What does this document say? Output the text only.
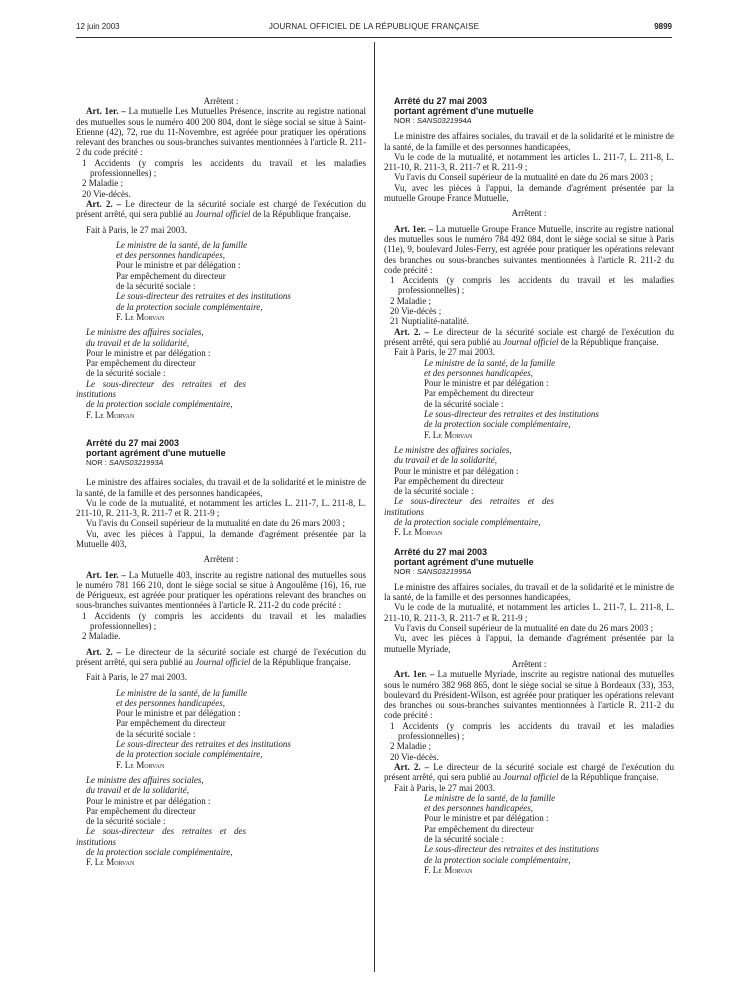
12 juin 2003	JOURNAL OFFICIEL DE LA RÉPUBLIQUE FRANÇAISE	9899

Arrêtent :

Art. 1er. – La mutuelle Les Mutuelles Présence, inscrite au registre national des mutuelles sous le numéro 400 200 804, dont le siège social se situe à Saint-Etienne (42), 72, rue du 11-Novembre, est agréée pour pratiquer les opérations relevant des branches ou sous-branches suivantes mentionnées à l'article R. 211-2 du code précité :

1 Accidents (y compris les accidents du travail et les maladies professionnelles) ;

2 Maladie ;

20 Vie-décès.

Art. 2. – Le directeur de la sécurité sociale est chargé de l'exécution du présent arrêté, qui sera publié au Journal officiel de la République française.

Fait à Paris, le 27 mai 2003.

Le ministre de la santé, de la famille

et des personnes handicapées,

Pour le ministre et par délégation :

Par empêchement du directeur

de la sécurité sociale :

Le sous-directeur des retraites et des institutions

de la protection sociale complémentaire,

F. Le Morvan

Le ministre des affaires sociales,

du travail et de la solidarité,

Pour le ministre et par délégation :

Par empêchement du directeur

de la sécurité sociale :

Le sous-directeur des retraites et des institutions

de la protection sociale complémentaire,

F. Le Morvan

Arrêté du 27 mai 2003

portant agrément d'une mutuelle

NOR : SANS0321993A

Le ministre des affaires sociales, du travail et de la solidarité et le ministre de la santé, de la famille et des personnes handicapées,

Vu le code de la mutualité, et notamment les articles L. 211-7, L. 211-8, L. 211-10, R. 211-3, R. 211-7 et R. 211-9 ;

Vu l'avis du Conseil supérieur de la mutualité en date du 26 mars 2003 ;

Vu, avec les pièces à l'appui, la demande d'agrément présentée par la Mutuelle 403,

Arrêtent :

Art. 1er. – La Mutuelle 403, inscrite au registre national des mutuelles sous le numéro 781 166 210, dont le siège social se situe à Angoulême (16), 16, rue de Périgueux, est agréée pour pratiquer les opérations relevant des branches ou sous-branches suivantes mentionnées à l'article R. 211-2 du code précité :

1 Accidents (y compris les accidents du travail et les maladies professionnelles) ;

2 Maladie.

Art. 2. – Le directeur de la sécurité sociale est chargé de l'exécution du présent arrêté, qui sera publié au Journal officiel de la République française.

Fait à Paris, le 27 mai 2003.

Le ministre de la santé, de la famille

et des personnes handicapées,

Pour le ministre et par délégation :

Par empêchement du directeur

de la sécurité sociale :

Le sous-directeur des retraites et des institutions

de la protection sociale complémentaire,

F. Le Morvan

Le ministre des affaires sociales,

du travail et de la solidarité,

Pour le ministre et par délégation :

Par empêchement du directeur

de la sécurité sociale :

Le sous-directeur des retraites et des institutions

de la protection sociale complémentaire,

F. Le Morvan

Arrêté du 27 mai 2003

portant agrément d'une mutuelle

NOR : SANS0321994A

Le ministre des affaires sociales, du travail et de la solidarité et le ministre de la santé, de la famille et des personnes handicapées,

Vu le code de la mutualité, et notamment les articles L. 211-7, L. 211-8, L. 211-10, R. 211-3, R. 211-7 et R. 211-9 ;

Vu l'avis du Conseil supérieur de la mutualité en date du 26 mars 2003 ;

Vu, avec les pièces à l'appui, la demande d'agrément présentée par la mutuelle Groupe France Mutuelle,

Arrêtent :

Art. 1er. – La mutuelle Groupe France Mutuelle, inscrite au registre national des mutuelles sous le numéro 784 492 084, dont le siège social se situe à Paris (11e), 9, boulevard Jules-Ferry, est agréée pour pratiquer les opérations relevant des branches ou sous-branches suivantes mentionnées à l'article R. 211-2 du code précité :

1 Accidents (y compris les accidents du travail et les maladies professionnelles) ;

2 Maladie ;

20 Vie-décès ;

21 Nuptialité-natalité.

Art. 2. – Le directeur de la sécurité sociale est chargé de l'exécution du présent arrêté, qui sera publié au Journal officiel de la République française.

Fait à Paris, le 27 mai 2003.

Le ministre de la santé, de la famille

et des personnes handicapées,

Pour le ministre et par délégation :

Par empêchement du directeur

de la sécurité sociale :

Le sous-directeur des retraites et des institutions

de la protection sociale complémentaire,

F. Le Morvan

Le ministre des affaires sociales,

du travail et de la solidarité,

Pour le ministre et par délégation :

Par empêchement du directeur

de la sécurité sociale :

Le sous-directeur des retraites et des institutions

de la protection sociale complémentaire,

F. Le Morvan

Arrêté du 27 mai 2003

portant agrément d'une mutuelle

NOR : SANS0321995A

Le ministre des affaires sociales, du travail et de la solidarité et le ministre de la santé, de la famille et des personnes handicapées,

Vu le code de la mutualité, et notamment les articles L. 211-7, L. 211-8, L. 211-10, R. 211-3, R. 211-7 et R. 211-9 ;

Vu l'avis du Conseil supérieur de la mutualité en date du 26 mars 2003 ;

Vu, avec les pièces à l'appui, la demande d'agrément présentée par la mutuelle Myriade,

Arrêtent :

Art. 1er. – La mutuelle Myriade, inscrite au registre national des mutuelles sous le numéro 382 968 865, dont le siège social se situe à Bordeaux (33), 353, boulevard du Président-Wilson, est agréée pour pratiquer les opérations relevant des branches ou sous-branches suivantes mentionnées à l'article R. 211-2 du code précité :

1 Accidents (y compris les accidents du travail et les maladies professionnelles) ;

2 Maladie ;

20 Vie-décès.

Art. 2. – Le directeur de la sécurité sociale est chargé de l'exécution du présent arrêté, qui sera publié au Journal officiel de la République française.

Fait à Paris, le 27 mai 2003.

Le ministre de la santé, de la famille

et des personnes handicapées,

Pour le ministre et par délégation :

Par empêchement du directeur

de la sécurité sociale :

Le sous-directeur des retraites et des institutions

de la protection sociale complémentaire,

F. Le Morvan
